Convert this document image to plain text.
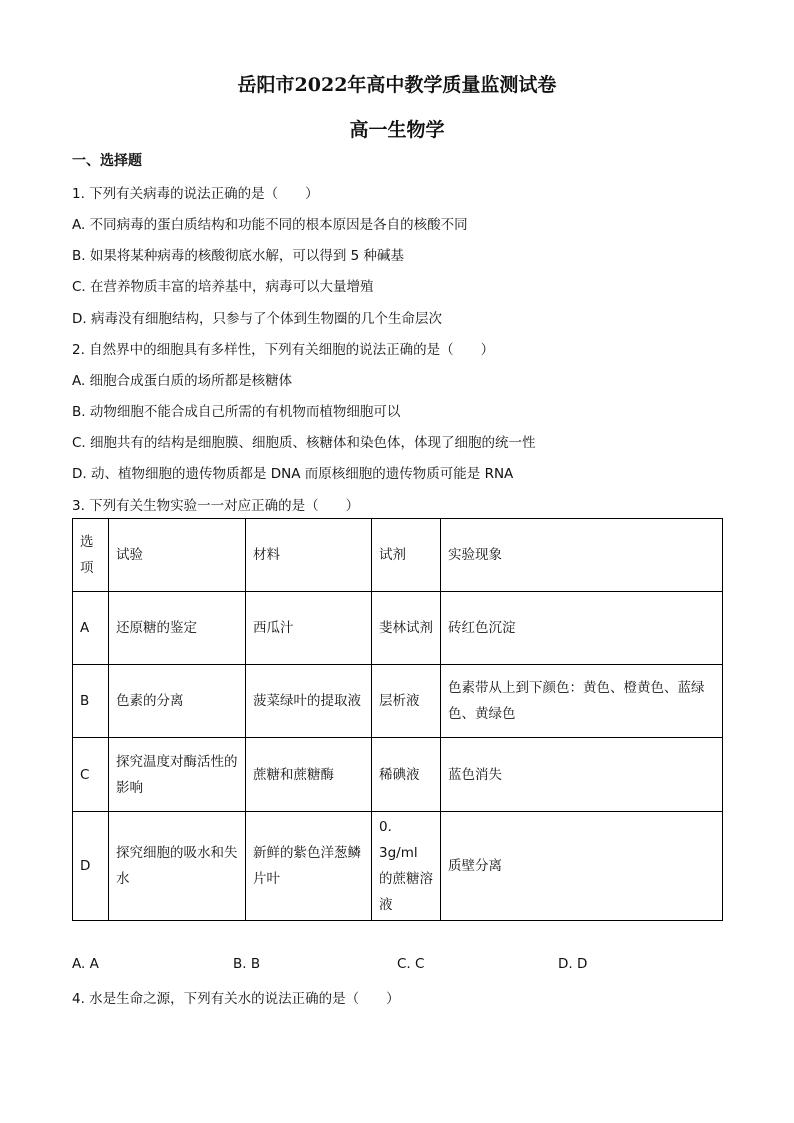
岳阳市2022年高中教学质量监测试卷
高一生物学
一、选择题
1. 下列有关病毒的说法正确的是（　　）
A. 不同病毒的蛋白质结构和功能不同的根本原因是各自的核酸不同
B. 如果将某种病毒的核酸彻底水解，可以得到 5 种碱基
C. 在营养物质丰富的培养基中，病毒可以大量增殖
D. 病毒没有细胞结构，只参与了个体到生物圈的几个生命层次
2. 自然界中的细胞具有多样性，下列有关细胞的说法正确的是（　　）
A. 细胞合成蛋白质的场所都是核糖体
B. 动物细胞不能合成自己所需的有机物而植物细胞可以
C. 细胞共有的结构是细胞膜、细胞质、核糖体和染色体，体现了细胞的统一性
D. 动、植物细胞的遗传物质都是 DNA 而原核细胞的遗传物质可能是 RNA
3. 下列有关生物实验一一对应正确的是（　　）
选项	试验	材料	试剂	实验现象
A	还原糖的鉴定	西瓜汁	斐林试剂	砖红色沉淀
B	色素的分离	菠菜绿叶的提取液	层析液	色素带从上到下颜色：黄色、橙黄色、蓝绿色、黄绿色
C	探究温度对酶活性的影响	蔗糖和蔗糖酶	稀碘液	蓝色消失
D	探究细胞的吸水和失水	新鲜的紫色洋葱鳞片叶	0．3g/ml 的蔗糖溶液	质壁分离
A. A	B. B	C. C	D. D
4. 水是生命之源，下列有关水的说法正确的是（　　）
